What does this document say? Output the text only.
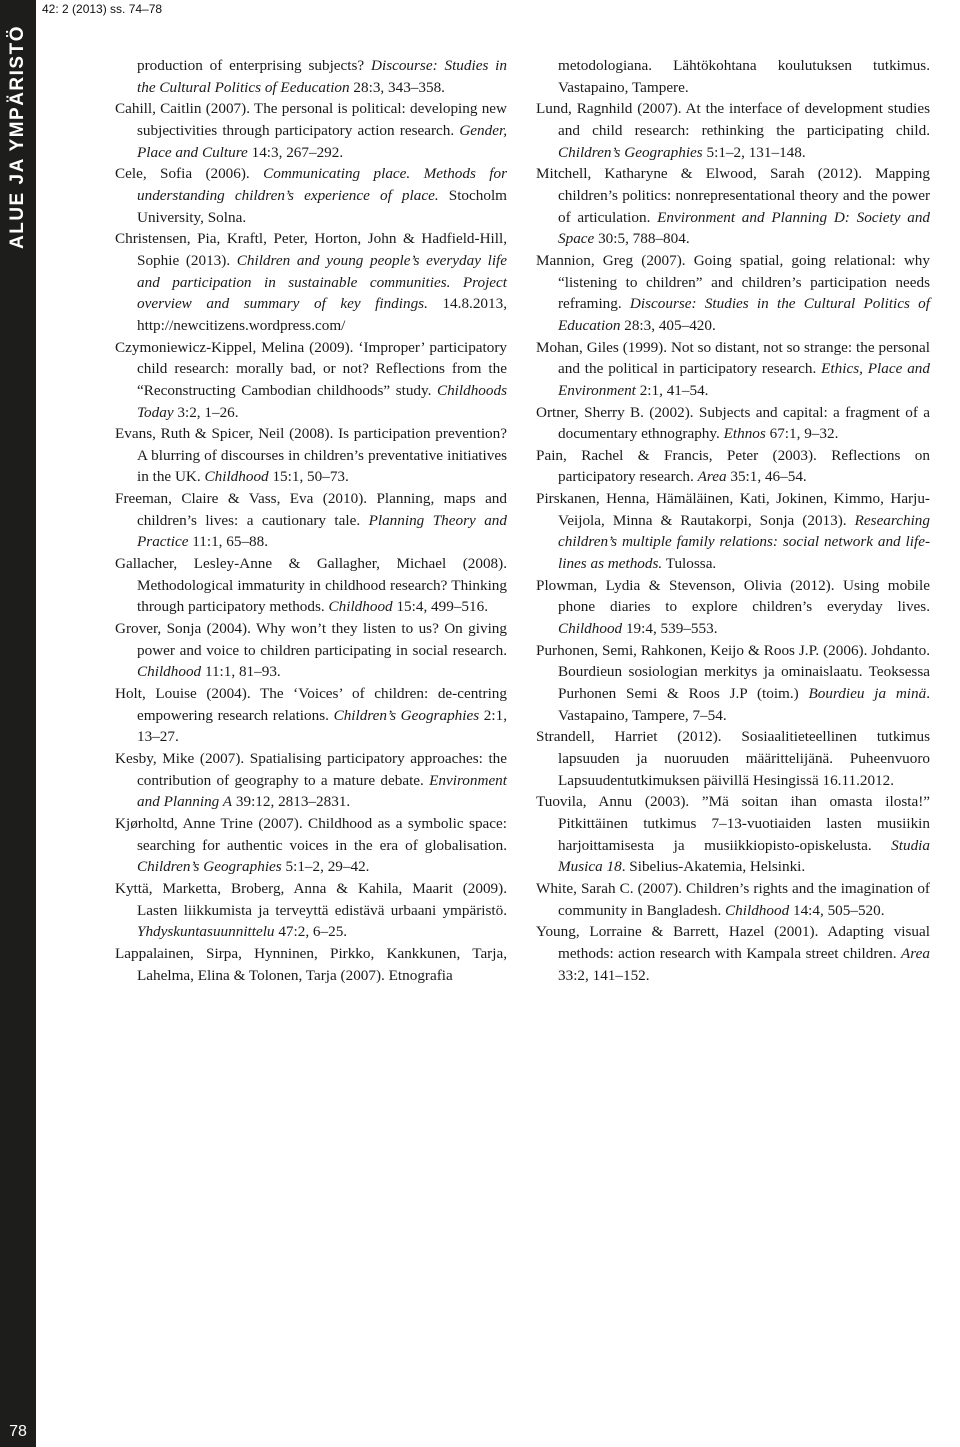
ALUE JA YMPÄRISTÖ
78
42: 2 (2013) ss. 74–78

production of enterprising subjects? Discourse: Studies in the Cultural Politics of Eeducation 28:3, 343–358.

Cahill, Caitlin (2007). The personal is political: developing new subjectivities through participatory action research. Gender, Place and Culture 14:3, 267–292.

Cele, Sofia (2006). Communicating place. Methods for understanding children’s experience of place. Stocholm University, Solna.

Christensen, Pia, Kraftl, Peter, Horton, John & Hadfield-Hill, Sophie (2013). Children and young people’s everyday life and participation in sustainable communities. Project overview and summary of key findings. 14.8.2013, http://newcitizens.wordpress.com/

Czymoniewicz-Kippel, Melina (2009). ‘Improper’ participatory child research: morally bad, or not? Reflections from the “Reconstructing Cambodian childhoods” study. Childhoods Today 3:2, 1–26.

Evans, Ruth & Spicer, Neil (2008). Is participation prevention? A blurring of discourses in children’s preventative initiatives in the UK. Childhood 15:1, 50–73.

Freeman, Claire & Vass, Eva (2010). Planning, maps and children’s lives: a cautionary tale. Planning Theory and Practice 11:1, 65–88.

Gallacher, Lesley-Anne & Gallagher, Michael (2008). Methodological immaturity in childhood research? Thinking through participatory methods. Childhood 15:4, 499–516.

Grover, Sonja (2004). Why won’t they listen to us? On giving power and voice to children participating in social research. Childhood 11:1, 81–93.

Holt, Louise (2004). The ‘Voices’ of children: de-centring empowering research relations. Children’s Geographies 2:1, 13–27.

Kesby, Mike (2007). Spatialising participatory approaches: the contribution of geography to a mature debate. Environment and Planning A 39:12, 2813–2831.

Kjørholtd, Anne Trine (2007). Childhood as a symbolic space: searching for authentic voices in the era of globalisation. Children’s Geographies 5:1–2, 29–42.

Kyttä, Marketta, Broberg, Anna & Kahila, Maarit (2009). Lasten liikkumista ja terveyttä edistävä urbaani ympäristö. Yhdyskuntasuunnittelu 47:2, 6–25.

Lappalainen, Sirpa, Hynninen, Pirkko, Kankkunen, Tarja, Lahelma, Elina & Tolonen, Tarja (2007). Etnografia

metodologiana. Lähtökohtana koulutuksen tutkimus. Vastapaino, Tampere.

Lund, Ragnhild (2007). At the interface of development studies and child research: rethinking the participating child. Children’s Geographies 5:1–2, 131–148.

Mitchell, Katharyne & Elwood, Sarah (2012). Mapping children’s politics: nonrepresentational theory and the power of articulation. Environment and Planning D: Society and Space 30:5, 788–804.

Mannion, Greg (2007). Going spatial, going relational: why “listening to children” and children’s participation needs reframing. Discourse: Studies in the Cultural Politics of Education 28:3, 405–420.

Mohan, Giles (1999). Not so distant, not so strange: the personal and the political in participatory research. Ethics, Place and Environment 2:1, 41–54.

Ortner, Sherry B. (2002). Subjects and capital: a fragment of a documentary ethnography. Ethnos 67:1, 9–32.

Pain, Rachel & Francis, Peter (2003). Reflections on participatory research. Area 35:1, 46–54.

Pirskanen, Henna, Hämäläinen, Kati, Jokinen, Kimmo, Harju-Veijola, Minna & Rautakorpi, Sonja (2013). Researching children’s multiple family relations: social network and life-lines as methods. Tulossa.

Plowman, Lydia & Stevenson, Olivia (2012). Using mobile phone diaries to explore children’s everyday lives. Childhood 19:4, 539–553.

Purhonen, Semi, Rahkonen, Keijo & Roos J.P. (2006). Johdanto. Bourdieun sosiologian merkitys ja ominaislaatu. Teoksessa Purhonen Semi & Roos J.P (toim.) Bourdieu ja minä. Vastapaino, Tampere, 7–54.

Strandell, Harriet (2012). Sosiaalitieteellinen tutkimus lapsuuden ja nuoruuden määrittelijänä. Puheenvuoro Lapsuudentutkimuksen päivillä Hesingissä 16.11.2012.

Tuovila, Annu (2003). ”Mä soitan ihan omasta ilosta!” Pitkittäinen tutkimus 7–13-vuotiaiden lasten musiikin harjoittamisesta ja musiikkiopisto-opiskelusta. Studia Musica 18. Sibelius-Akatemia, Helsinki.

White, Sarah C. (2007). Children’s rights and the imagination of community in Bangladesh. Childhood 14:4, 505–520.

Young, Lorraine & Barrett, Hazel (2001). Adapting visual methods: action research with Kampala street children. Area 33:2, 141–152.
